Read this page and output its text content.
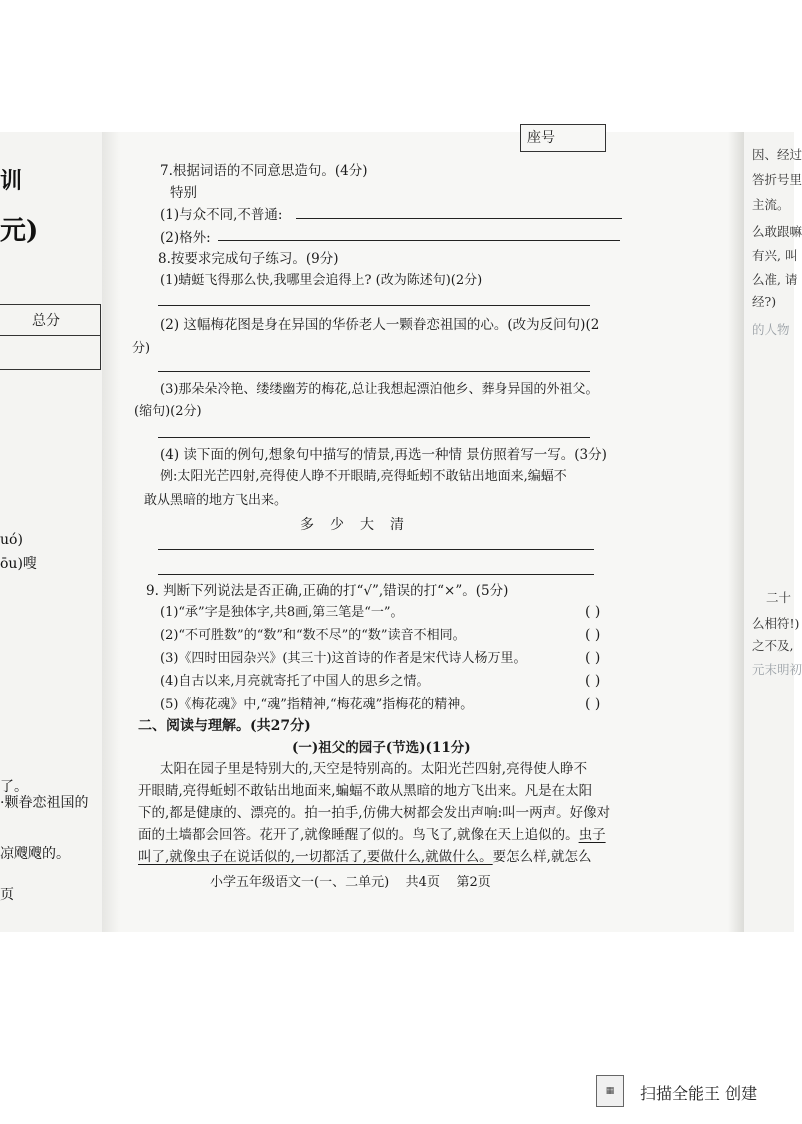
座号
训
元)
总分
uó)
ōu)嗖
了。
·颗眷恋祖国的
凉飕飕的。
页
因、经过
答折号里
主流。
么敢跟嘛
有兴, 叫
么准, 请
经?)
的人物
二十
么相符!)
之不及,
元末明初
7.根据词语的不同意思造句。(4分)
特别
(1)与众不同,不普通:
(2)格外:
8.按要求完成句子练习。(9分)
(1)蜻蜓飞得那么快,我哪里会追得上? (改为陈述句)(2分)
(2) 这幅梅花图是身在异国的华侨老人一颗眷恋祖国的心。(改为反问句)(2
分)
(3)那朵朵冷艳、缕缕幽芳的梅花,总让我想起漂泊他乡、葬身异国的外祖父。
(缩句)(2分)
(4) 读下面的例句,想象句中描写的情景,再选一种情 景仿照着写一写。(3分)
例:太阳光芒四射,亮得使人睁不开眼睛,亮得蚯蚓不敢钻出地面来,编蝠不
敢从黑暗的地方飞出来。
多 少 大 清
9. 判断下列说法是否正确,正确的打“√”,错误的打“×”。(5分)
(1)“承”字是独体字,共8画,第三笔是“一”。	( )
(2)“不可胜数”的“数”和“数不尽”的“数”读音不相同。	( )
(3)《四时田园杂兴》(其三十)这首诗的作者是宋代诗人杨万里。	( )
(4)自古以来,月亮就寄托了中国人的思乡之情。	( )
(5)《梅花魂》中,“魂”指精神,“梅花魂”指梅花的精神。	( )
二、阅读与理解。(共27分)
(一)祖父的园子(节选)(11分)
太阳在园子里是特别大的,天空是特别高的。太阳光芒四射,亮得使人睁不
开眼睛,亮得蚯蚓不敢钻出地面来,蝙蝠不敢从黑暗的地方飞出来。凡是在太阳
下的,都是健康的、漂亮的。拍一拍手,仿佛大树都会发出声响:叫一两声。好像对
面的土墙都会回答。花开了,就像睡醒了似的。鸟飞了,就像在天上追似的。虫子
叫了,就像虫子在说话似的,一切都活了,要做什么,就做什么。要怎么样,就怎么
小学五年级语文一(一、二单元)    共4页    第2页
▦	扫描全能王 创建
